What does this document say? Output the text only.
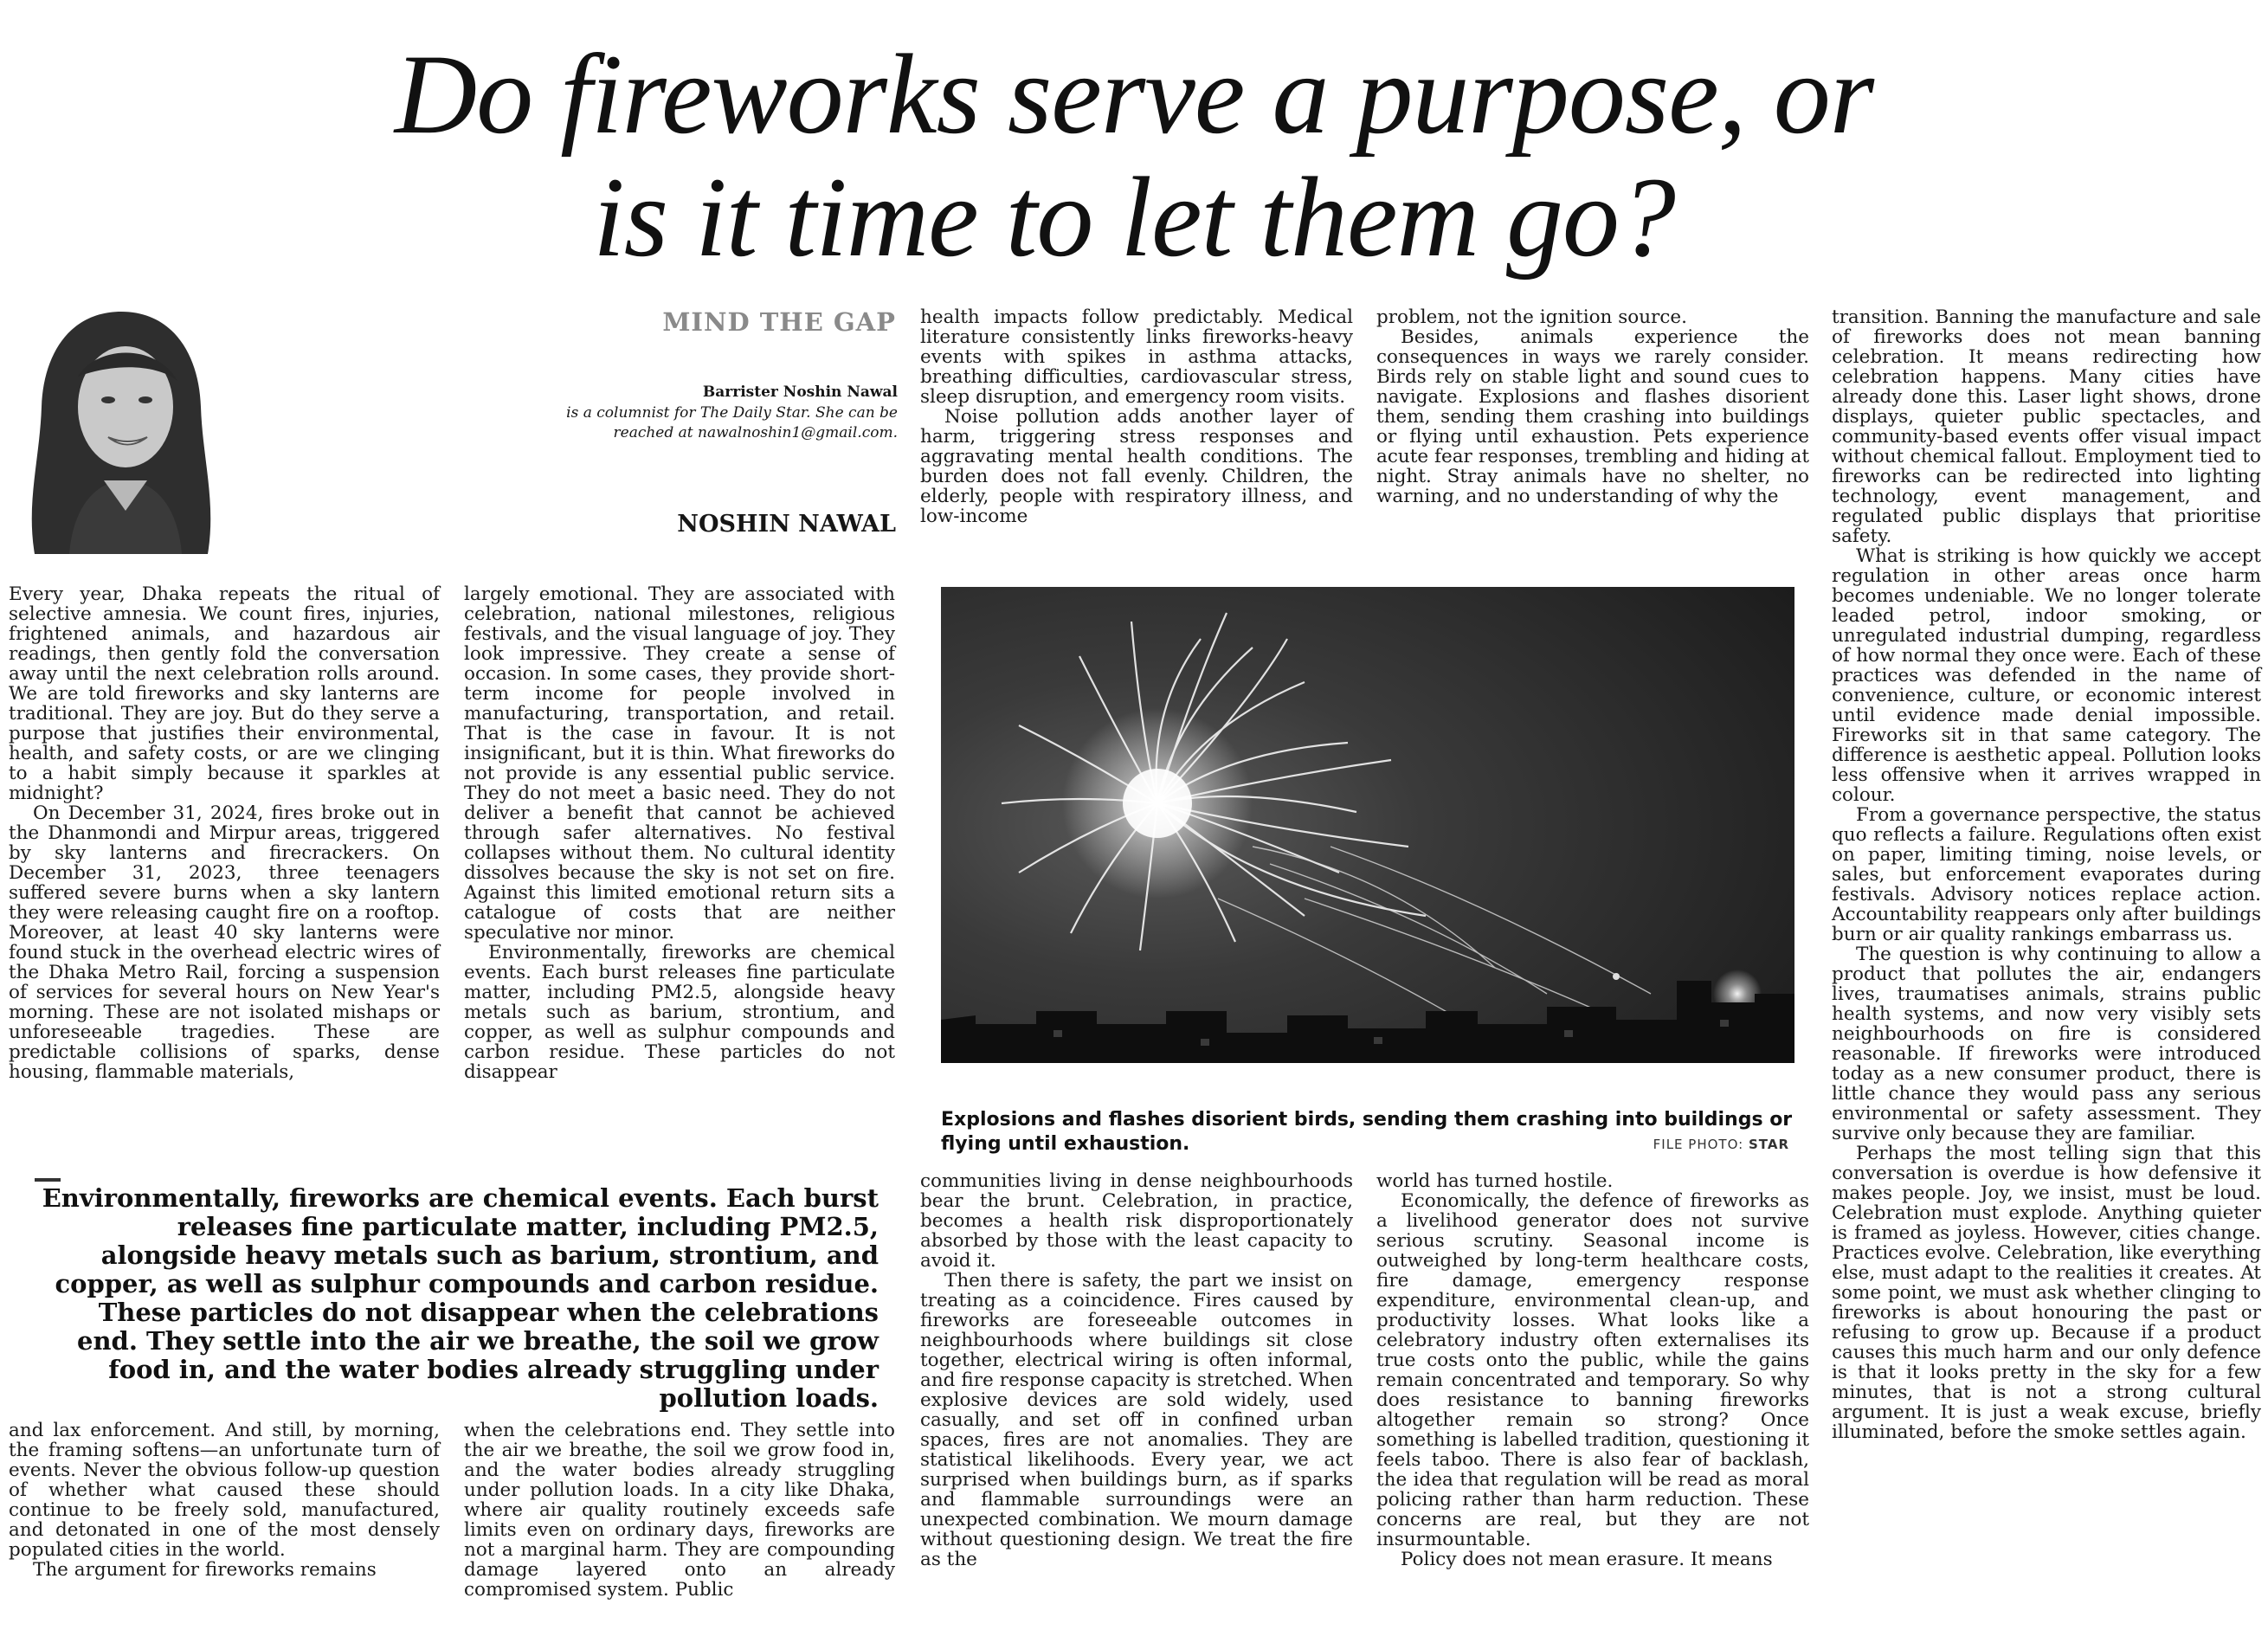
Do fireworks serve a purpose, or
is it time to let them go?
MIND THE GAP
Barrister Noshin Nawal
is a columnist for The Daily Star. She can be
reached at nawalnoshin1@gmail.com.
NOSHIN NAWAL

Every year, Dhaka repeats the ritual of selective amnesia. We count fires, injuries, frightened animals, and hazardous air readings, then gently fold the conversation away until the next celebration rolls around. We are told fireworks and sky lanterns are traditional. They are joy. But do they serve a purpose that justifies their environmental, health, and safety costs, or are we clinging to a habit simply because it sparkles at midnight?

On December 31, 2024, fires broke out in the Dhanmondi and Mirpur areas, triggered by sky lanterns and firecrackers. On December 31, 2023, three teenagers suffered severe burns when a sky lantern they were releasing caught fire on a rooftop. Moreover, at least 40 sky lanterns were found stuck in the overhead electric wires of the Dhaka Metro Rail, forcing a suspension of services for several hours on New Year's morning. These are not isolated mishaps or unforeseeable tragedies. These are predictable collisions of sparks, dense housing, flammable materials,

largely emotional. They are associated with celebration, national milestones, religious festivals, and the visual language of joy. They look impressive. They create a sense of occasion. In some cases, they provide short-term income for people involved in manufacturing, transportation, and retail. That is the case in favour. It is not insignificant, but it is thin. What fireworks do not provide is any essential public service. They do not meet a basic need. They do not deliver a benefit that cannot be achieved through safer alternatives. No festival collapses without them. No cultural identity dissolves because the sky is not set on fire. Against this limited emotional return sits a catalogue of costs that are neither speculative nor minor.

Environmentally, fireworks are chemical events. Each burst releases fine particulate matter, including PM2.5, alongside heavy metals such as barium, strontium, and copper, as well as sulphur compounds and carbon residue. These particles do not disappear

Environmentally, fireworks are chemical events. Each burst releases fine particulate matter, including PM2.5, alongside heavy metals such as barium, strontium, and copper, as well as sulphur compounds and carbon residue. These particles do not disappear when the celebrations end. They settle into the air we breathe, the soil we grow food in, and the water bodies already struggling under pollution loads.

and lax enforcement. And still, by morning, the framing softens—an unfortunate turn of events. Never the obvious follow-up question of whether what caused these should continue to be freely sold, manufactured, and detonated in one of the most densely populated cities in the world.

The argument for fireworks remains

when the celebrations end. They settle into the air we breathe, the soil we grow food in, and the water bodies already struggling under pollution loads. In a city like Dhaka, where air quality routinely exceeds safe limits even on ordinary days, fireworks are not a marginal harm. They are compounding damage layered onto an already compromised system. Public

health impacts follow predictably. Medical literature consistently links fireworks-heavy events with spikes in asthma attacks, breathing difficulties, cardiovascular stress, sleep disruption, and emergency room visits.

Noise pollution adds another layer of harm, triggering stress responses and aggravating mental health conditions. The burden does not fall evenly. Children, the elderly, people with respiratory illness, and low-income

problem, not the ignition source.

Besides, animals experience the consequences in ways we rarely consider. Birds rely on stable light and sound cues to navigate. Explosions and flashes disorient them, sending them crashing into buildings or flying until exhaustion. Pets experience acute fear responses, trembling and hiding at night. Stray animals have no shelter, no warning, and no understanding of why the

Explosions and flashes disorient birds, sending them crashing into buildings or flying until exhaustion.	FILE PHOTO: STAR

communities living in dense neighbourhoods bear the brunt. Celebration, in practice, becomes a health risk disproportionately absorbed by those with the least capacity to avoid it.

Then there is safety, the part we insist on treating as a coincidence. Fires caused by fireworks are foreseeable outcomes in neighbourhoods where buildings sit close together, electrical wiring is often informal, and fire response capacity is stretched. When explosive devices are sold widely, used casually, and set off in confined urban spaces, fires are not anomalies. They are statistical likelihoods. Every year, we act surprised when buildings burn, as if sparks and flammable surroundings were an unexpected combination. We mourn damage without questioning design. We treat the fire as the

world has turned hostile.

Economically, the defence of fireworks as a livelihood generator does not survive serious scrutiny. Seasonal income is outweighed by long-term healthcare costs, fire damage, emergency response expenditure, environmental clean-up, and productivity losses. What looks like a celebratory industry often externalises its true costs onto the public, while the gains remain concentrated and temporary. So why does resistance to banning fireworks altogether remain so strong? Once something is labelled tradition, questioning it feels taboo. There is also fear of backlash, the idea that regulation will be read as moral policing rather than harm reduction. These concerns are real, but they are not insurmountable.

Policy does not mean erasure. It means

transition. Banning the manufacture and sale of fireworks does not mean banning celebration. It means redirecting how celebration happens. Many cities have already done this. Laser light shows, drone displays, quieter public spectacles, and community-based events offer visual impact without chemical fallout. Employment tied to fireworks can be redirected into lighting technology, event management, and regulated public displays that prioritise safety.

What is striking is how quickly we accept regulation in other areas once harm becomes undeniable. We no longer tolerate leaded petrol, indoor smoking, or unregulated industrial dumping, regardless of how normal they once were. Each of these practices was defended in the name of convenience, culture, or economic interest until evidence made denial impossible. Fireworks sit in that same category. The difference is aesthetic appeal. Pollution looks less offensive when it arrives wrapped in colour.

From a governance perspective, the status quo reflects a failure. Regulations often exist on paper, limiting timing, noise levels, or sales, but enforcement evaporates during festivals. Advisory notices replace action. Accountability reappears only after buildings burn or air quality rankings embarrass us.

The question is why continuing to allow a product that pollutes the air, endangers lives, traumatises animals, strains public health systems, and now very visibly sets neighbourhoods on fire is considered reasonable. If fireworks were introduced today as a new consumer product, there is little chance they would pass any serious environmental or safety assessment. They survive only because they are familiar.

Perhaps the most telling sign that this conversation is overdue is how defensive it makes people. Joy, we insist, must be loud. Celebration must explode. Anything quieter is framed as joyless. However, cities change. Practices evolve. Celebration, like everything else, must adapt to the realities it creates. At some point, we must ask whether clinging to fireworks is about honouring the past or refusing to grow up. Because if a product causes this much harm and our only defence is that it looks pretty in the sky for a few minutes, that is not a strong cultural argument. It is just a weak excuse, briefly illuminated, before the smoke settles again.
